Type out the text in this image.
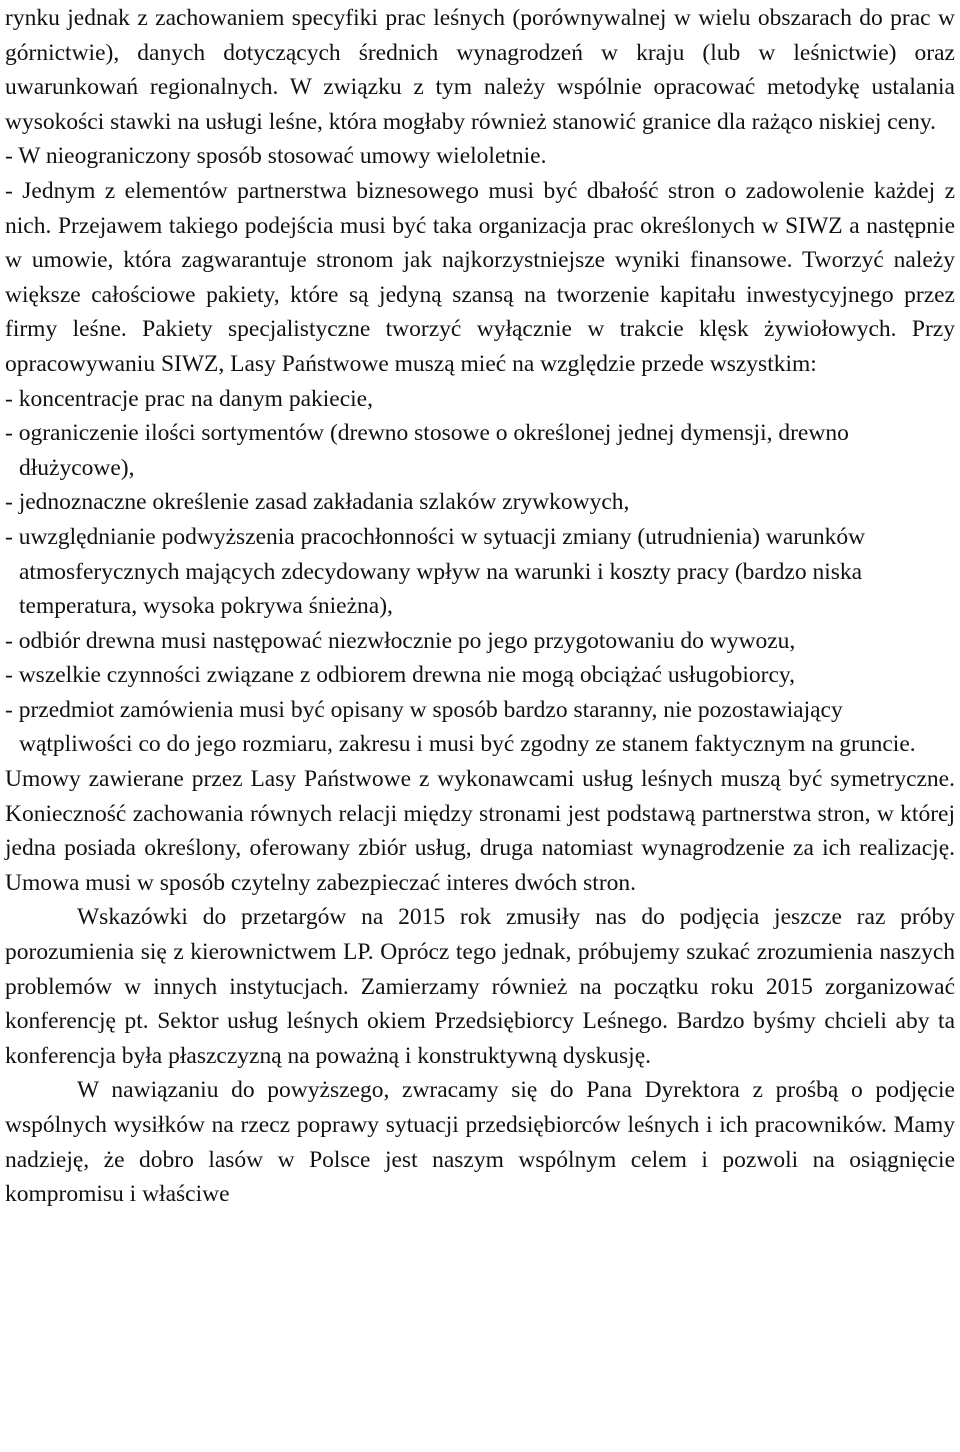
rynku jednak z zachowaniem specyfiki prac leśnych (porównywalnej w wielu obszarach do prac w górnictwie), danych dotyczących średnich wynagrodzeń w kraju (lub w leśnictwie) oraz uwarunkowań regionalnych. W związku z tym należy wspólnie opracować metodykę ustalania wysokości stawki na usługi leśne, która mogłaby również stanowić granice dla rażąco niskiej ceny.

- W nieograniczony sposób stosować umowy wieloletnie.

- Jednym z elementów partnerstwa biznesowego musi być dbałość stron o zadowolenie każdej z nich. Przejawem takiego podejścia musi być taka organizacja prac określonych w SIWZ a następnie w umowie, która zagwarantuje stronom jak najkorzystniejsze wyniki finansowe. Tworzyć należy większe całościowe pakiety, które są jedyną szansą na tworzenie kapitału inwestycyjnego przez firmy leśne. Pakiety specjalistyczne tworzyć wyłącznie w trakcie klęsk żywiołowych. Przy opracowywaniu SIWZ, Lasy Państwowe muszą mieć na względzie przede wszystkim:

- koncentracje prac na danym pakiecie,
- ograniczenie ilości sortymentów (drewno stosowe o określonej jednej dymensji, drewno dłużycowe),
- jednoznaczne określenie zasad zakładania szlaków zrywkowych,
- uwzględnianie podwyższenia pracochłonności w sytuacji zmiany (utrudnienia) warunków atmosferycznych mających zdecydowany wpływ na warunki i koszty pracy (bardzo niska temperatura, wysoka pokrywa śnieżna),
- odbiór drewna musi następować niezwłocznie po jego przygotowaniu do wywozu,
- wszelkie czynności związane z odbiorem drewna nie mogą obciążać usługobiorcy,
- przedmiot zamówienia musi być opisany w sposób bardzo staranny, nie pozostawiający wątpliwości co do jego rozmiaru, zakresu i musi być zgodny ze stanem faktycznym na gruncie.

Umowy zawierane przez Lasy Państwowe z wykonawcami usług leśnych muszą być symetryczne. Konieczność zachowania równych relacji między stronami jest podstawą partnerstwa stron, w której jedna posiada określony, oferowany zbiór usług, druga natomiast wynagrodzenie za ich realizację. Umowa musi w sposób czytelny zabezpieczać interes dwóch stron.

Wskazówki do przetargów na 2015 rok zmusiły nas do podjęcia jeszcze raz próby porozumienia się z kierownictwem LP. Oprócz tego jednak, próbujemy szukać zrozumienia naszych problemów w innych instytucjach. Zamierzamy również na początku roku 2015 zorganizować konferencję pt. Sektor usług leśnych okiem Przedsiębiorcy Leśnego. Bardzo byśmy chcieli aby ta konferencja była płaszczyzną na poważną i konstruktywną dyskusję.

W nawiązaniu do powyższego, zwracamy się do Pana Dyrektora z prośbą o podjęcie wspólnych wysiłków na rzecz poprawy sytuacji przedsiębiorców leśnych i ich pracowników. Mamy nadzieję, że dobro lasów w Polsce jest naszym wspólnym celem i pozwoli na osiągnięcie kompromisu i właściwe
